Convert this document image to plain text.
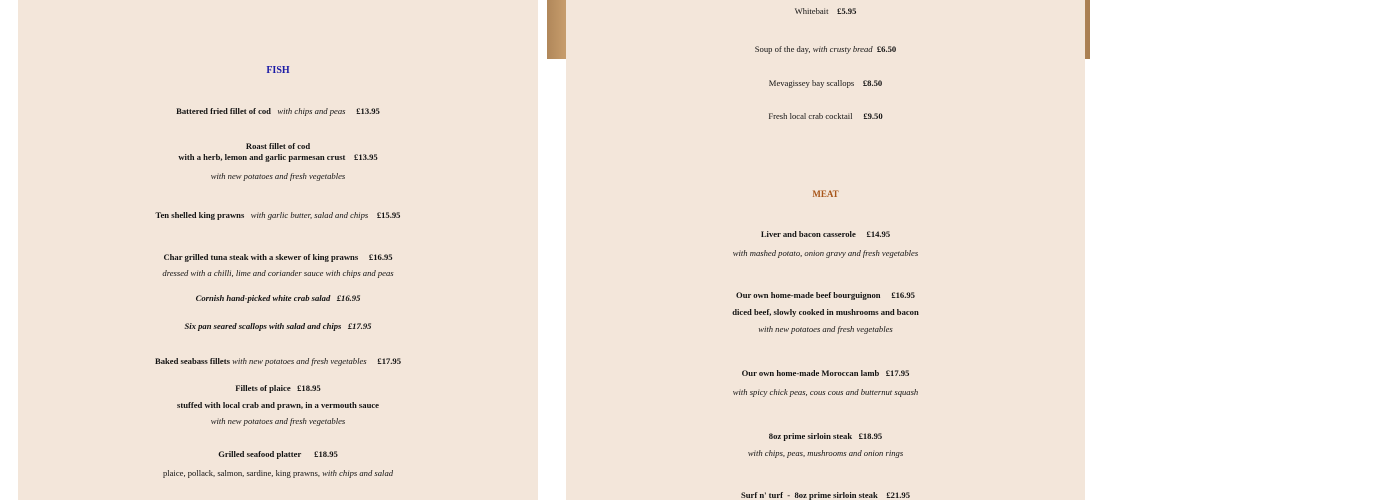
FISH
Battered fried fillet of cod with chips and peas £13.95
Roast fillet of cod
with a herb, lemon and garlic parmesan crust £13.95
with new potatoes and fresh vegetables
Ten shelled king prawns with garlic butter, salad and chips £15.95
Char grilled tuna steak with a skewer of king prawns £16.95
dressed with a chilli, lime and coriander sauce with chips and peas
Cornish hand-picked white crab salad £16.95
Six pan seared scallops with salad and chips £17.95
Baked seabass fillets with new potatoes and fresh vegetables £17.95
Fillets of plaice £18.95
stuffed with local crab and prawn, in a vermouth sauce
with new potatoes and fresh vegetables
Grilled seafood platter £18.95
plaice, pollack, salmon, sardine, king prawns, with chips and salad
Whitebait £5.95
Soup of the day, with crusty bread £6.50
Mevagissey bay scallops £8.50
Fresh local crab cocktail £9.50
MEAT
Liver and bacon casserole £14.95
with mashed potato, onion gravy and fresh vegetables
Our own home-made beef bourguignon £16.95
diced beef, slowly cooked in mushrooms and bacon
with new potatoes and fresh vegetables
Our own home-made Moroccan lamb £17.95
with spicy chick peas, cous cous and butternut squash
8oz prime sirloin steak £18.95
with chips, peas, mushrooms and onion rings
Surf n' turf  -  8oz prime sirloin steak £21.95
